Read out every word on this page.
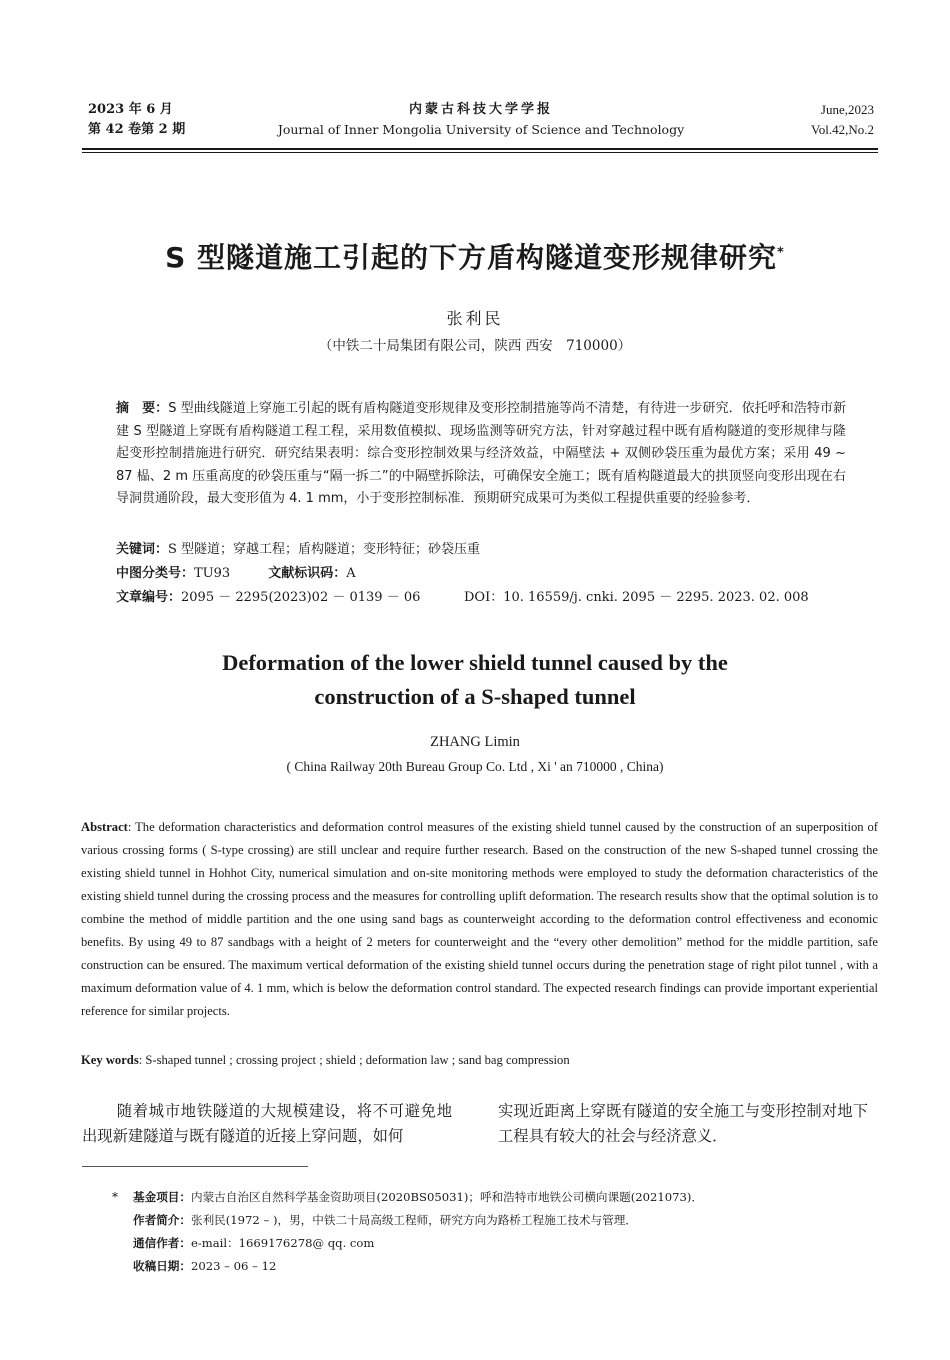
2023 年 6 月
第 42 卷第 2 期
内蒙古科技大学学报
Journal of Inner Mongolia University of Science and Technology
June,2023
Vol.42,No.2
S 型隧道施工引起的下方盾构隧道变形规律研究*
张利民
（中铁二十局集团有限公司，陕西 西安　710000）
摘　要：S 型曲线隧道上穿施工引起的既有盾构隧道变形规律及变形控制措施等尚不清楚，有待进一步研究．依托呼和浩特市新建 S 型隧道上穿既有盾构隧道工程工程，采用数值模拟、现场监测等研究方法，针对穿越过程中既有盾构隧道的变形规律与隆起变形控制措施进行研究．研究结果表明：综合变形控制效果与经济效益，中隔壁法 + 双侧砂袋压重为最优方案；采用 49 ~ 87 榀、2 m 压重高度的砂袋压重与“隔一拆二”的中隔壁拆除法，可确保安全施工；既有盾构隧道最大的拱顶竖向变形出现在右导洞贯通阶段，最大变形值为 4. 1 mm，小于变形控制标准．预期研究成果可为类似工程提供重要的经验参考．
关键词：S 型隧道；穿越工程；盾构隧道；变形特征；砂袋压重
中图分类号：TU93	文献标识码：A
文章编号：2095 － 2295(2023)02 － 0139 － 06	DOI：10. 16559/j. cnki. 2095 － 2295. 2023. 02. 008
Deformation of the lower shield tunnel caused by the
construction of a S-shaped tunnel
ZHANG Limin
( China Railway 20th Bureau Group Co. Ltd , Xi ' an 710000 , China)
Abstract: The deformation characteristics and deformation control measures of the existing shield tunnel caused by the construction of an superposition of various crossing forms ( S-type crossing) are still unclear and require further research. Based on the construction of the new S-shaped tunnel crossing the existing shield tunnel in Hohhot City, numerical simulation and on-site monitoring methods were employed to study the deformation characteristics of the existing shield tunnel during the crossing process and the measures for controlling uplift deformation. The research results show that the optimal solution is to combine the method of middle partition and the one using sand bags as counterweight according to the deformation control effectiveness and economic benefits. By using 49 to 87 sandbags with a height of 2 meters for counterweight and the “every other demolition” method for the middle partition, safe construction can be ensured. The maximum vertical deformation of the existing shield tunnel occurs during the penetration stage of right pilot tunnel , with a maximum deformation value of 4. 1 mm, which is below the deformation control standard. The expected research findings can provide important experiential reference for similar projects.
Key words: S-shaped tunnel ; crossing project ; shield ; deformation law ; sand bag compression
随着城市地铁隧道的大规模建设，将不可避免地出现新建隧道与既有隧道的近接上穿问题，如何
实现近距离上穿既有隧道的安全施工与变形控制对地下工程具有较大的社会与经济意义．
* 基金项目：内蒙古自治区自然科学基金资助项目(2020BS05031)；呼和浩特市地铁公司横向课题(2021073)．
作者简介：张利民(1972 – )，男，中铁二十局高级工程师，研究方向为路桥工程施工技术与管理．
通信作者：e-mail：1669176278@ qq. com
收稿日期：2023 – 06 – 12
